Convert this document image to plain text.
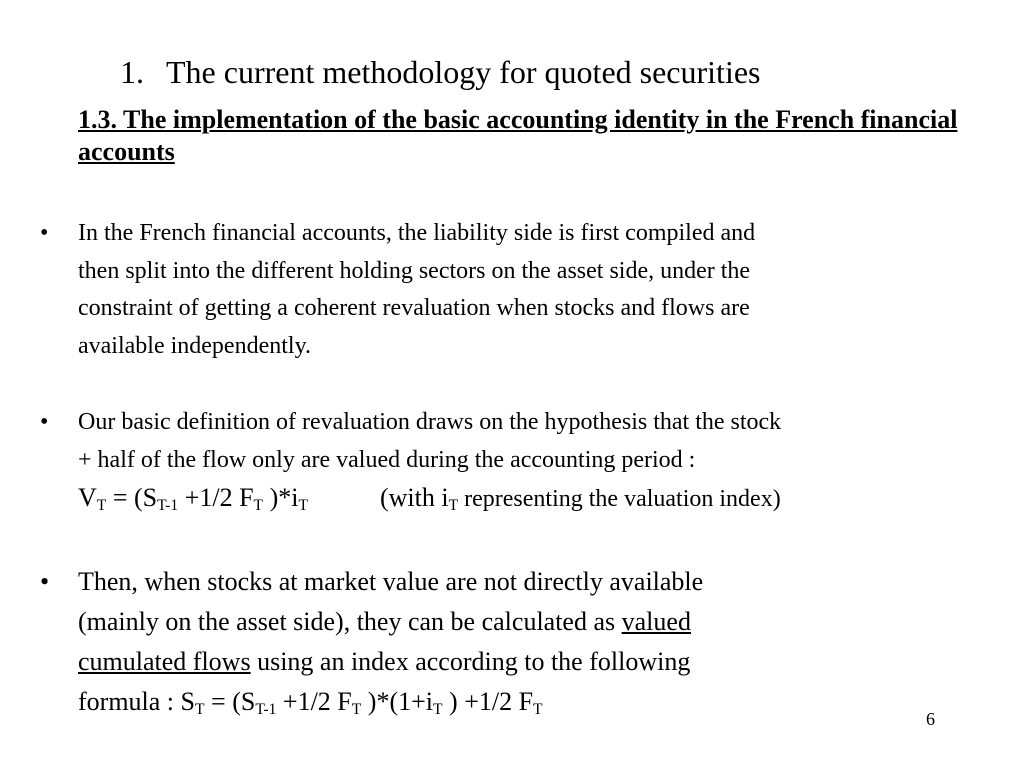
1. The current methodology for quoted securities
1.3. The implementation of the basic accounting identity in the French financial accounts
• In the French financial accounts, the liability side is first compiled and
then split into the different holding sectors on the asset side, under the
constraint of getting a coherent revaluation when stocks and flows are
available independently.
• Our basic definition of revaluation draws on the hypothesis that the stock
+ half of the flow only are valued during the accounting period :
$V_T = (S_{T-1} +1/2$ $F_T$ )$*i_T$	(with $i_T$ representing the valuation index)
• Then, when stocks at market value are not directly available
(mainly on the asset side), they can be calculated as valued
cumulated flows using an index according to the following
formula : $S_T = (S_{T-1} +1/2$ $F_T$ )$*(1+i_T$ ) +1/2 $F_T$	6
